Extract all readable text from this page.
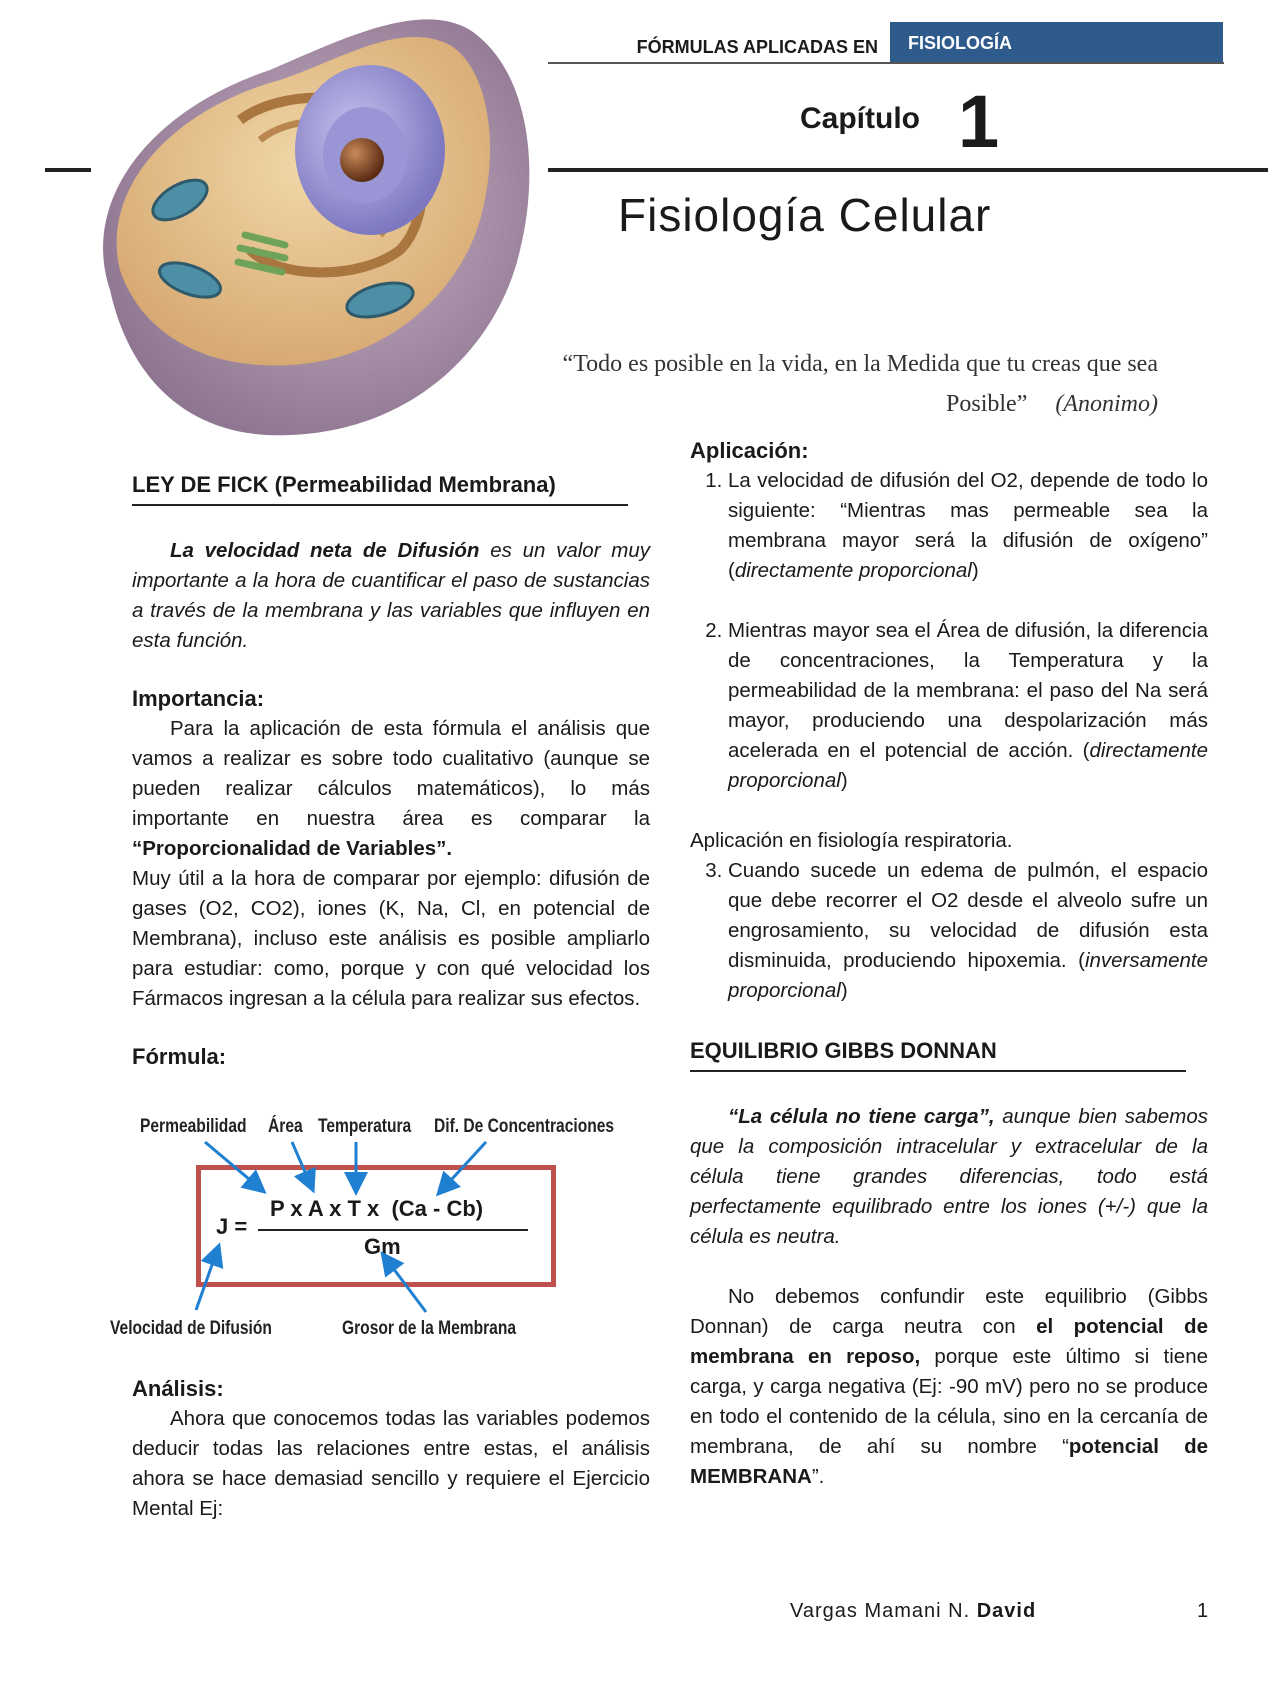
FÓRMULAS APLICADAS EN	FISIOLOGÍA
Capítulo 1
Fisiología Celular
“Todo es posible en la vida, en la Medida que tu creas que sea Posible” (Anonimo)
LEY DE FICK (Permeabilidad Membrana)

La velocidad neta de Difusión es un valor muy importante a la hora de cuantificar el paso de sustancias a través de la membrana y las variables que influyen en esta función.

Importancia:

Para la aplicación de esta fórmula el análisis que vamos a realizar es sobre todo cualitativo (aunque se pueden realizar cálculos matemáticos), lo más importante en nuestra área es comparar la “Proporcionalidad de Variables”.

Muy útil a la hora de comparar por ejemplo: difusión de gases (O2, CO2), iones (K, Na, Cl, en potencial de Membrana), incluso este análisis es posible ampliarlo para estudiar: como, porque y con qué velocidad los Fármacos ingresan a la célula para realizar sus efectos.

Fórmula:

Permeabilidad Área Temperatura Dif. De Concentraciones
J =
P x A x T x  (Ca - Cb)
Gm
Velocidad de Difusión	Grosor de la Membrana

Análisis:

Ahora que conocemos todas las variables podemos deducir todas las relaciones entre estas, el análisis ahora se hace demasiad sencillo y requiere el Ejercicio Mental Ej:

Aplicación:

1. La velocidad de difusión del O2, depende de todo lo siguiente: “Mientras mas permeable sea la membrana mayor será la difusión de oxígeno” (directamente proporcional)
2. Mientras mayor sea el Área de difusión, la diferencia de concentraciones, la Temperatura y la permeabilidad de la membrana: el paso del Na será mayor, produciendo una despolarización más acelerada en el potencial de acción. (directamente proporcional)

Aplicación en fisiología respiratoria.

3. Cuando sucede un edema de pulmón, el espacio que debe recorrer el O2 desde el alveolo sufre un engrosamiento, su velocidad de difusión esta disminuida, produciendo hipoxemia. (inversamente proporcional)
EQUILIBRIO GIBBS DONNAN

“La célula no tiene carga”, aunque bien sabemos que la composición intracelular y extracelular de la célula tiene grandes diferencias, todo está perfectamente equilibrado entre los iones (+/-) que la célula es neutra.

No debemos confundir este equilibrio (Gibbs Donnan) de carga neutra con el potencial de membrana en reposo, porque este último si tiene carga, y carga negativa (Ej: -90 mV) pero no se produce en todo el contenido de la célula, sino en la cercanía de membrana, de ahí su nombre “potencial de MEMBRANA”.

Vargas Mamani N. David	1
